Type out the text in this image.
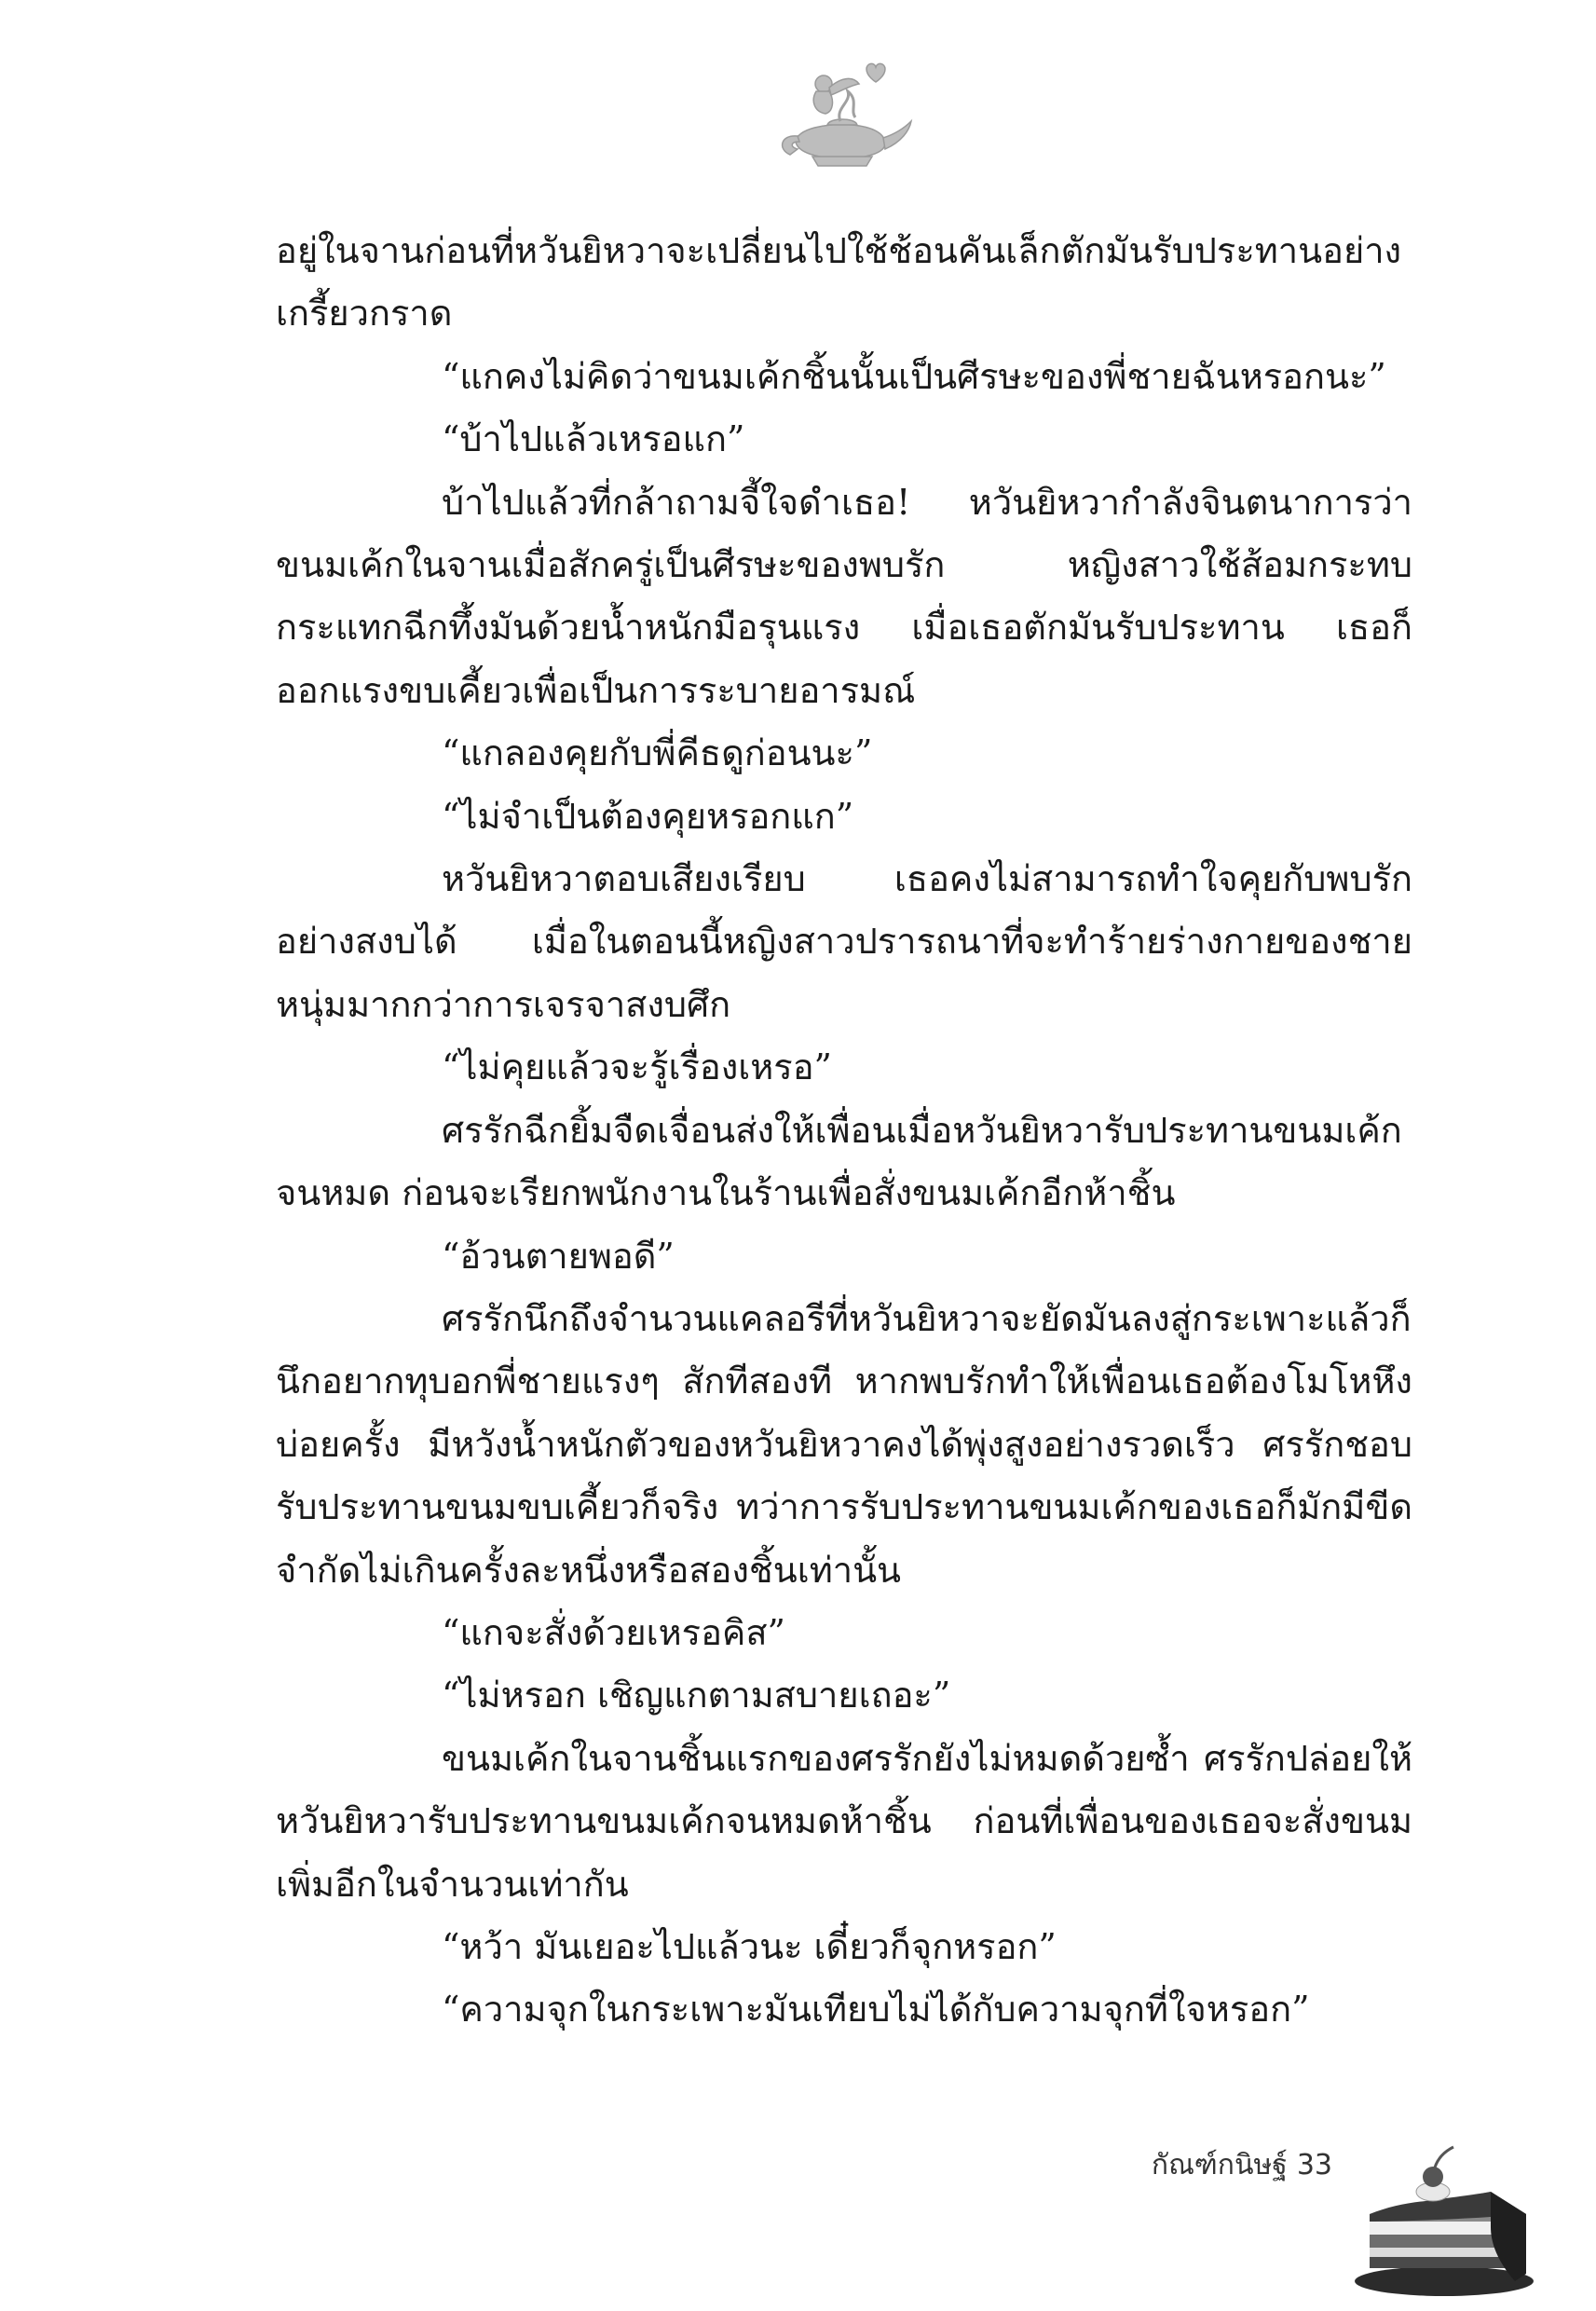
อยู่ในจานก่อนที่หวันยิหวาจะเปลี่ยนไปใช้ช้อนคันเล็กตักมันรับประทานอย่างเกรี้ยวกราด

“แกคงไม่คิดว่าขนมเค้กชิ้นนั้นเป็นศีรษะของพี่ชายฉันหรอกนะ”

“บ้าไปแล้วเหรอแก”

บ้าไปแล้วที่กล้าถามจี้ใจดำเธอ! หวันยิหวากำลังจินตนาการว่าขนมเค้กในจานเมื่อสักครู่เป็นศีรษะของพบรัก หญิงสาวใช้ส้อมกระทบกระแทกฉีกทึ้งมันด้วยน้ำหนักมือรุนแรง เมื่อเธอตักมันรับประทาน เธอก็ออกแรงขบเคี้ยวเพื่อเป็นการระบายอารมณ์

“แกลองคุยกับพี่คีธดูก่อนนะ”

“ไม่จำเป็นต้องคุยหรอกแก”

หวันยิหวาตอบเสียงเรียบ เธอคงไม่สามารถทำใจคุยกับพบรักอย่างสงบได้ เมื่อในตอนนี้หญิงสาวปรารถนาที่จะทำร้ายร่างกายของชายหนุ่มมากกว่าการเจรจาสงบศึก

“ไม่คุยแล้วจะรู้เรื่องเหรอ”

ศรรักฉีกยิ้มจืดเจื่อนส่งให้เพื่อนเมื่อหวันยิหวารับประทานขนมเค้กจนหมด ก่อนจะเรียกพนักงานในร้านเพื่อสั่งขนมเค้กอีกห้าชิ้น

“อ้วนตายพอดี”

ศรรักนึกถึงจำนวนแคลอรีที่หวันยิหวาจะยัดมันลงสู่กระเพาะแล้วก็นึกอยากทุบอกพี่ชายแรงๆ สักทีสองที หากพบรักทำให้เพื่อนเธอต้องโมโหหึงบ่อยครั้ง มีหวังน้ำหนักตัวของหวันยิหวาคงได้พุ่งสูงอย่างรวดเร็ว ศรรักชอบรับประทานขนมขบเคี้ยวก็จริง ทว่าการรับประทานขนมเค้กของเธอก็มักมีขีดจำกัดไม่เกินครั้งละหนึ่งหรือสองชิ้นเท่านั้น

“แกจะสั่งด้วยเหรอคิส”

“ไม่หรอก เชิญแกตามสบายเถอะ”

ขนมเค้กในจานชิ้นแรกของศรรักยังไม่หมดด้วยซ้ำ ศรรักปล่อยให้หวันยิหวารับประทานขนมเค้กจนหมดห้าชิ้น ก่อนที่เพื่อนของเธอจะสั่งขนมเพิ่มอีกในจำนวนเท่ากัน

“หว้า มันเยอะไปแล้วนะ เดี๋ยวก็จุกหรอก”

“ความจุกในกระเพาะมันเทียบไม่ได้กับความจุกที่ใจหรอก”

กัณฑ์กนิษฐ์ 33
